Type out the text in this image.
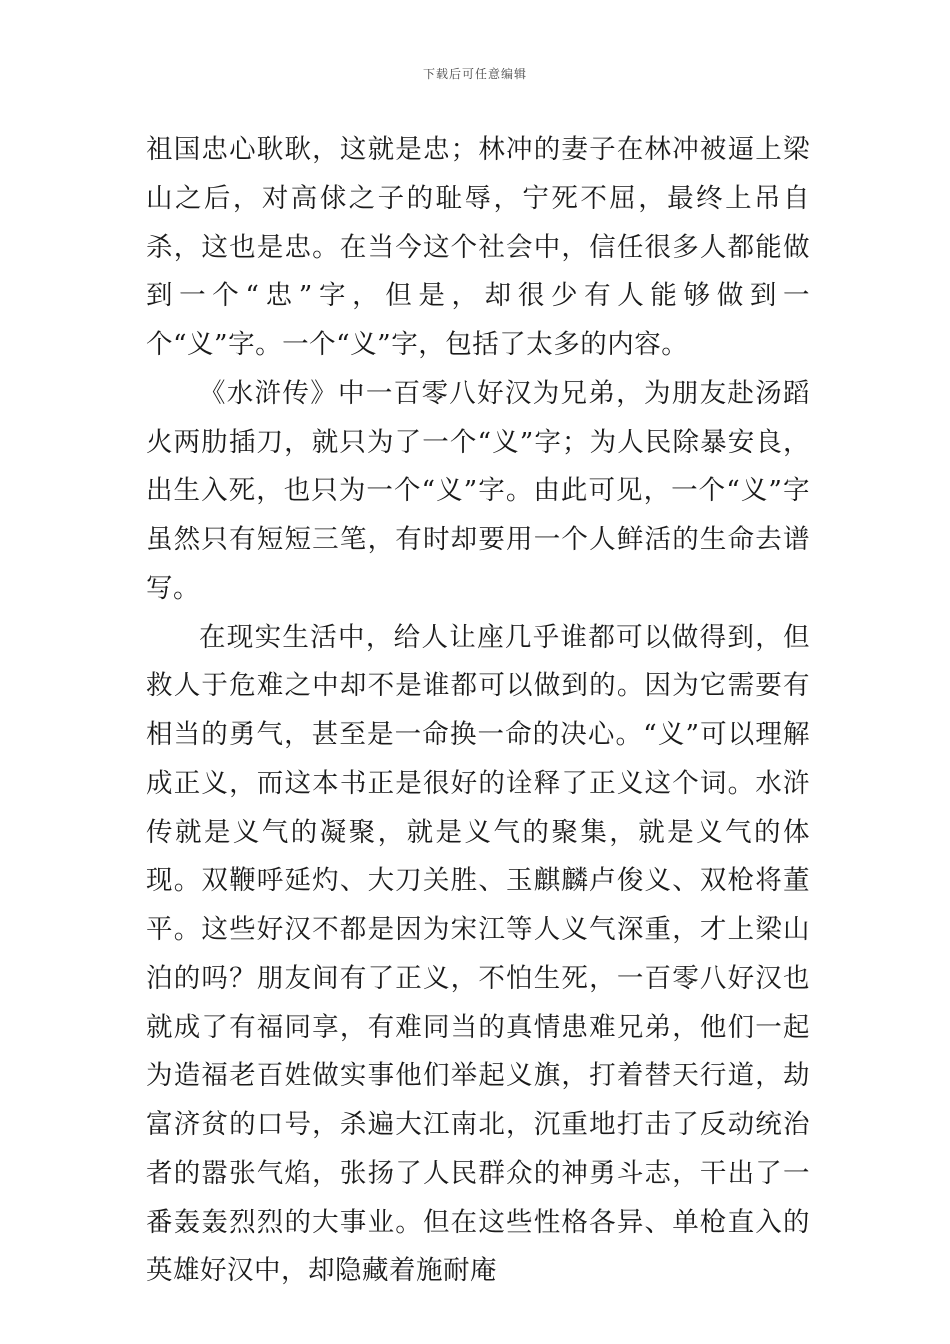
下载后可任意编辑

祖国忠心耿耿，这就是忠；林冲的妻子在林冲被逼上梁山之后，对高俅之子的耻辱，宁死不屈，最终上吊自杀，这也是忠。在当今这个社会中，信任很多人都能做到一个“忠”字，但是，却很少有人能够做到一个“义”字。一个“义”字，包括了太多的内容。

《水浒传》中一百零八好汉为兄弟，为朋友赴汤蹈火两肋插刀，就只为了一个“义”字；为人民除暴安良，出生入死，也只为一个“义”字。由此可见，一个“义”字虽然只有短短三笔，有时却要用一个人鲜活的生命去谱写。

在现实生活中，给人让座几乎谁都可以做得到，但救人于危难之中却不是谁都可以做到的。因为它需要有相当的勇气，甚至是一命换一命的决心。“义”可以理解成正义，而这本书正是很好的诠释了正义这个词。水浒传就是义气的凝聚，就是义气的聚集，就是义气的体现。双鞭呼延灼、大刀关胜、玉麒麟卢俊义、双枪将董平。这些好汉不都是因为宋江等人义气深重，才上梁山泊的吗？朋友间有了正义，不怕生死，一百零八好汉也就成了有福同享，有难同当的真情患难兄弟，他们一起为造福老百姓做实事他们举起义旗，打着替天行道，劫富济贫的口号，杀遍大江南北，沉重地打击了反动统治者的嚣张气焰，张扬了人民群众的神勇斗志，干出了一番轰轰烈烈的大事业。但在这些性格各异、单枪直入的英雄好汉中，却隐藏着施耐庵
